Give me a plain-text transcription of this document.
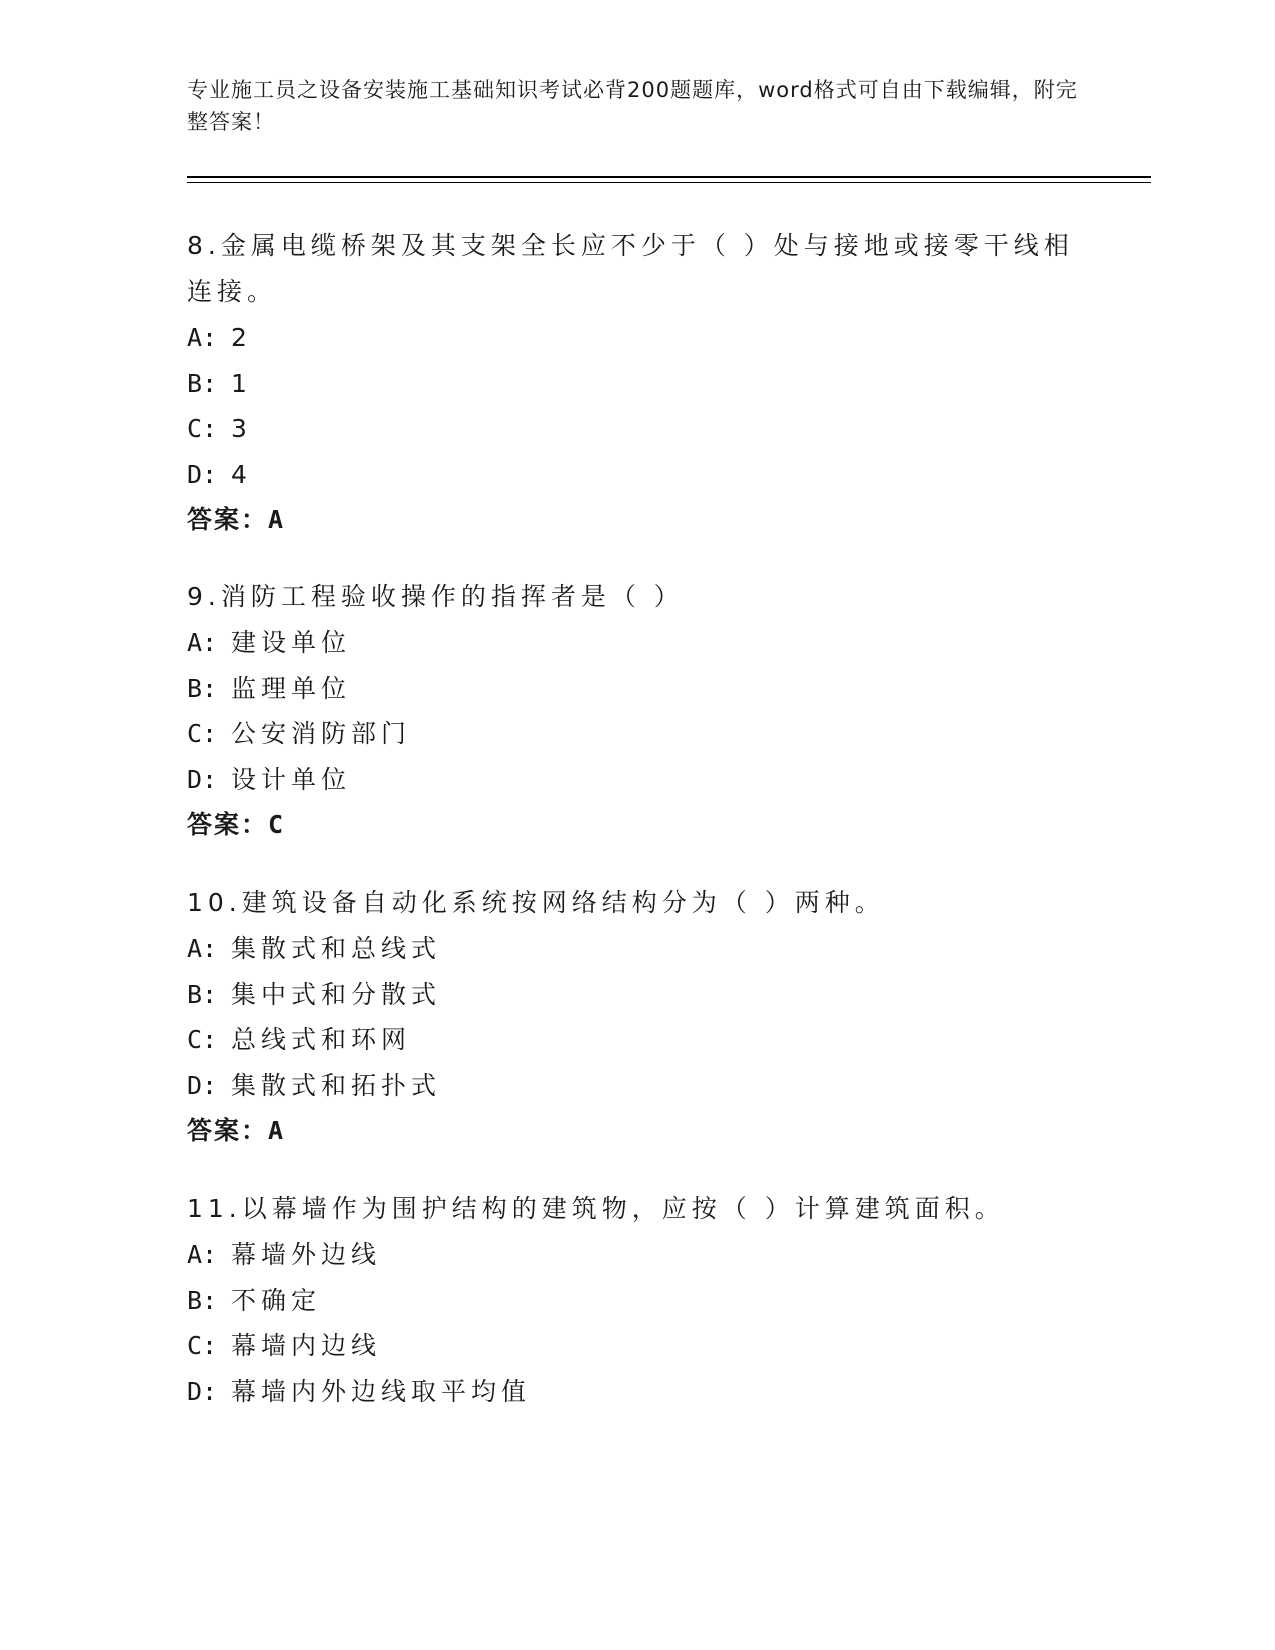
专业施工员之设备安装施工基础知识考试必背200题题库，word格式可自由下载编辑，附完整答案！

8.金属电缆桥架及其支架全长应不少于（ ）处与接地或接零干线相连接。

A: 2

B: 1

C: 3

D: 4

答案：A

9.消防工程验收操作的指挥者是（ ）

A: 建设单位

B: 监理单位

C: 公安消防部门

D: 设计单位

答案：C

10.建筑设备自动化系统按网络结构分为（ ）两种。

A: 集散式和总线式

B: 集中式和分散式

C: 总线式和环网

D: 集散式和拓扑式

答案：A

11.以幕墙作为围护结构的建筑物，应按（ ）计算建筑面积。

A: 幕墙外边线

B: 不确定

C: 幕墙内边线

D: 幕墙内外边线取平均值
